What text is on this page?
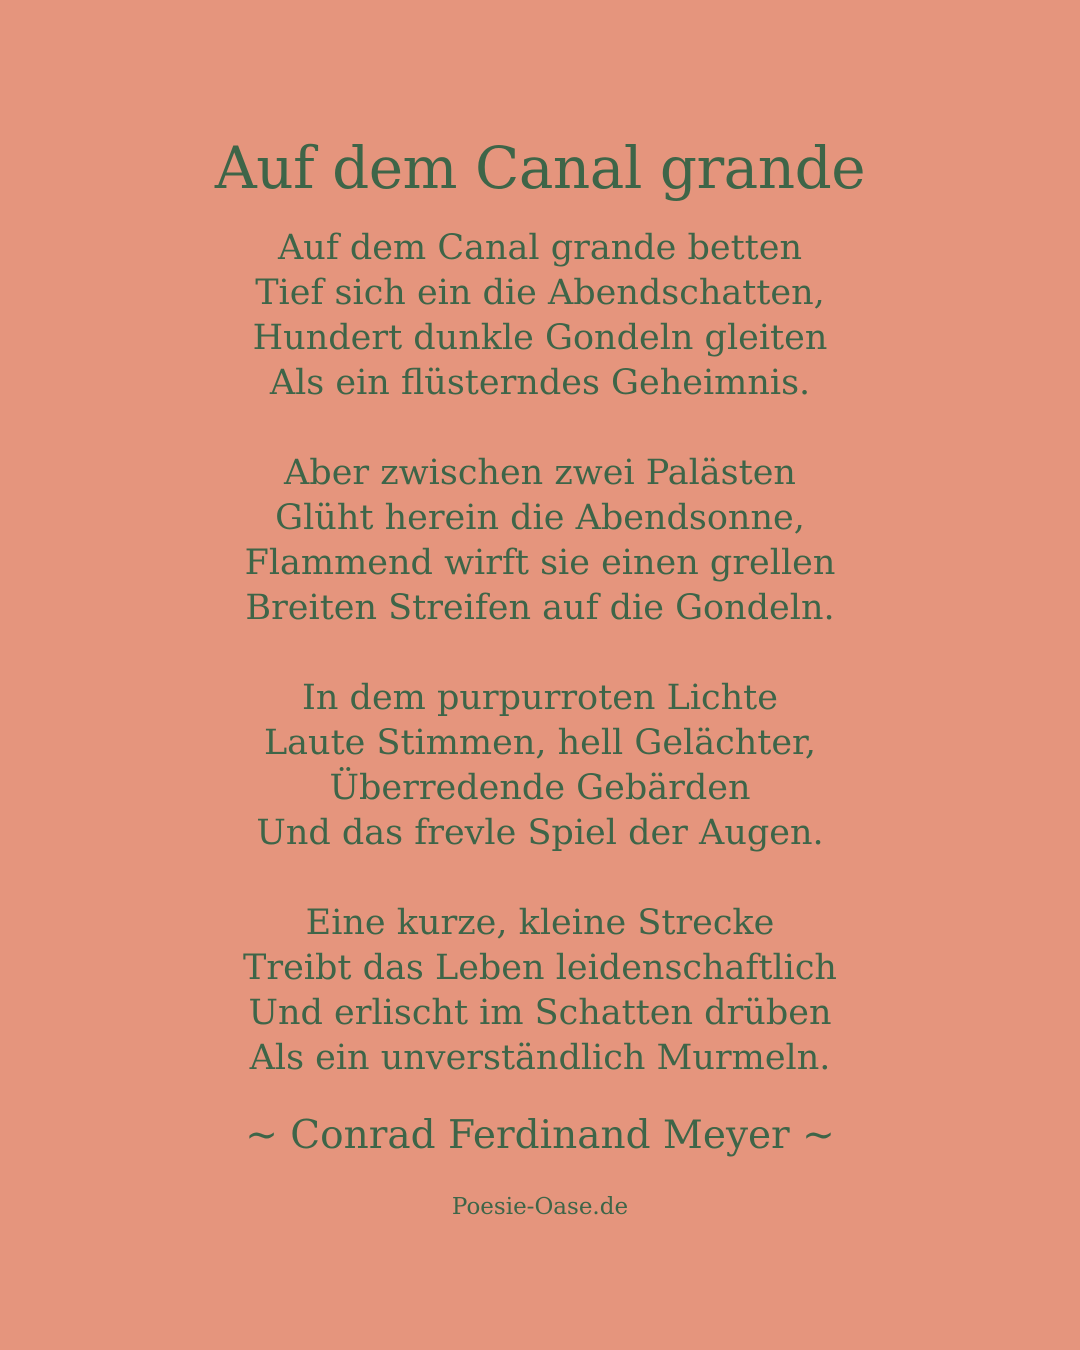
Auf dem Canal grande
Auf dem Canal grande betten
Tief sich ein die Abendschatten,
Hundert dunkle Gondeln gleiten
Als ein flüsterndes Geheimnis.
Aber zwischen zwei Palästen
Glüht herein die Abendsonne,
Flammend wirft sie einen grellen
Breiten Streifen auf die Gondeln.
In dem purpurroten Lichte
Laute Stimmen, hell Gelächter,
Überredende Gebärden
Und das frevle Spiel der Augen.
Eine kurze, kleine Strecke
Treibt das Leben leidenschaftlich
Und erlischt im Schatten drüben
Als ein unverständlich Murmeln.
~ Conrad Ferdinand Meyer ~
Poesie-Oase.de
